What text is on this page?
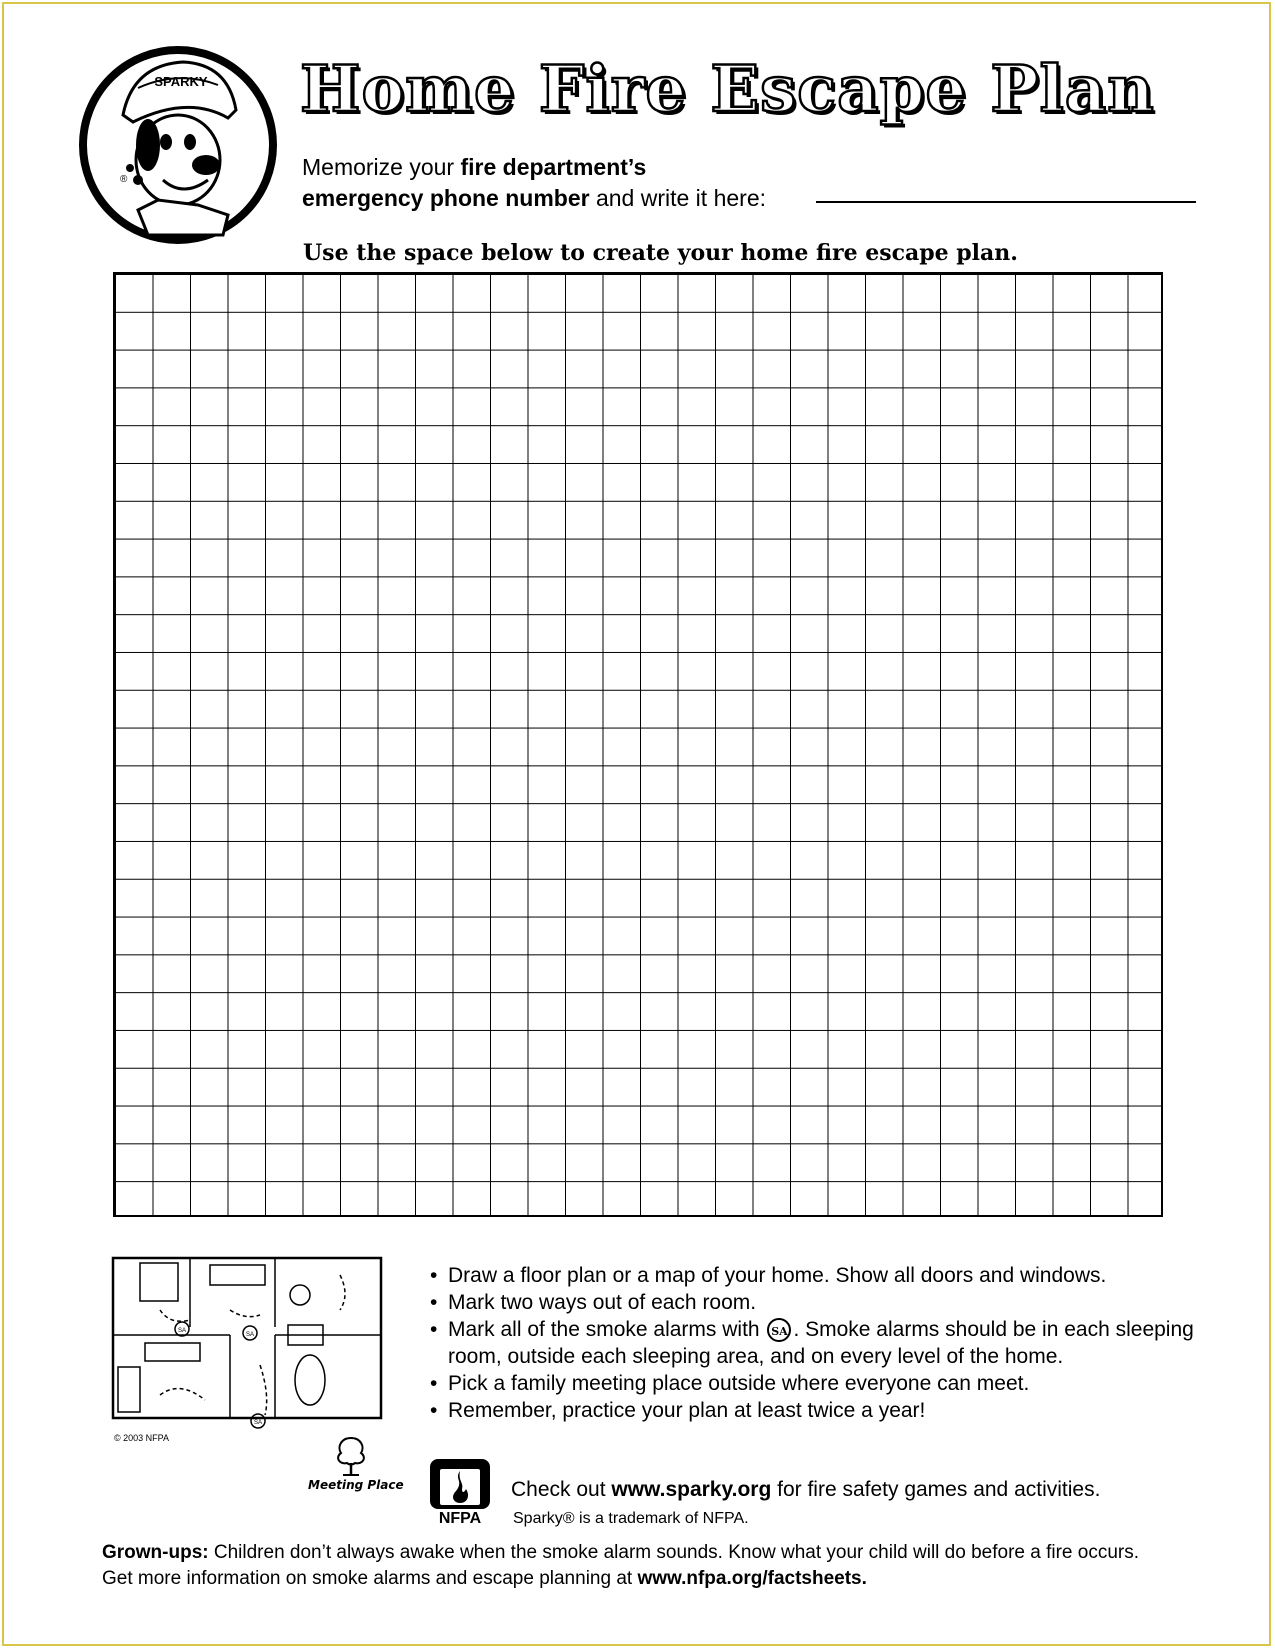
SPARKY
®
Home Fire Escape Plan
Memorize your fire department’s
emergency phone number and write it here:
Use the space below to create your home fire escape plan.
SA
SA
SA
© 2003 NFPA
Meeting Place
• Draw a floor plan or a map of your home. Show all doors and windows.
• Mark two ways out of each room.
• Mark all of the smoke alarms with SA . Smoke alarms should be in each sleeping room, outside each sleeping area, and on every level of the home.
• Pick a family meeting place outside where everyone can meet.
• Remember, practice your plan at least twice a year!
NFPA
Check out www.sparky.org for fire safety games and activities.
Sparky® is a trademark of NFPA.
Grown-ups: Children don’t always awake when the smoke alarm sounds. Know what your child will do before a fire occurs.
Get more information on smoke alarms and escape planning at www.nfpa.org/factsheets.
